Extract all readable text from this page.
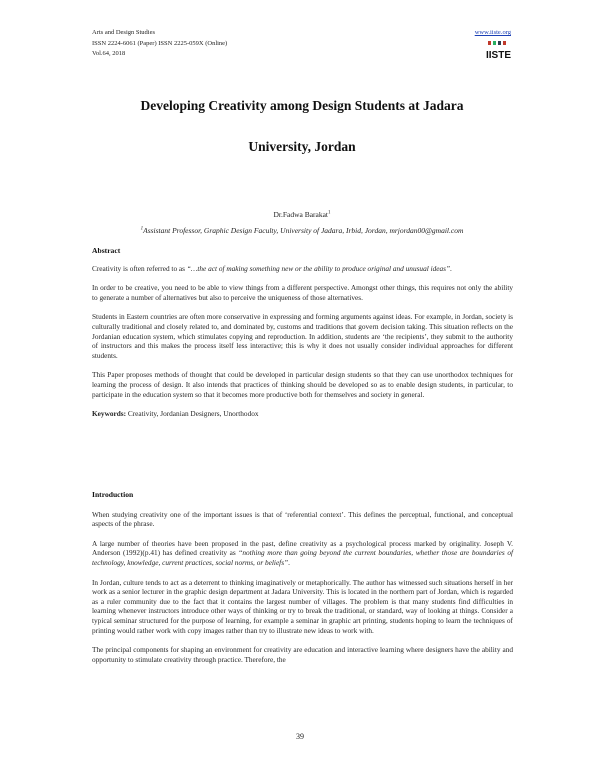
Arts and Design Studies
ISSN 2224-6061 (Paper) ISSN 2225-059X (Online)
Vol.64, 2018
www.iiste.org
IISTE
Developing Creativity among Design Students at Jadara
University, Jordan
Dr.Fadwa Barakat$^1$
$^1$Assistant Professor, Graphic Design Faculty, University of Jadara, Irbid, Jordan, mrjordan00@gmail.com
Abstract

Creativity is often referred to as “…the act of making something new or the ability to produce original and unusual ideas”.

In order to be creative, you need to be able to view things from a different perspective. Amongst other things, this requires not only the ability to generate a number of alternatives but also to perceive the uniqueness of those alternatives.

Students in Eastern countries are often more conservative in expressing and forming arguments against ideas. For example, in Jordan, society is culturally traditional and closely related to, and dominated by, customs and traditions that govern decision taking. This situation reflects on the Jordanian education system, which stimulates copying and reproduction. In addition, students are ‘the recipients’, they submit to the authority of instructors and this makes the process itself less interactive; this is why it does not usually consider individual approaches for different students.

This Paper proposes methods of thought that could be developed in particular design students so that they can use unorthodox techniques for learning the process of design. It also intends that practices of thinking should be developed so as to enable design students, in particular, to participate in the education system so that it becomes more productive both for themselves and society in general.

Keywords: Creativity, Jordanian Designers, Unorthodox

Introduction

When studying creativity one of the important issues is that of ‘referential context’. This defines the perceptual, functional, and conceptual aspects of the phrase.

A large number of theories have been proposed in the past, define creativity as a psychological process marked by originality. Joseph V. Anderson (1992)(p.41) has defined creativity as “nothing more than going beyond the current boundaries, whether those are boundaries of technology, knowledge, current practices, social norms, or beliefs”.

In Jordan, culture tends to act as a deterrent to thinking imaginatively or metaphorically. The author has witnessed such situations herself in her work as a senior lecturer in the graphic design department at Jadara University. This is located in the northern part of Jordan, which is regarded as a ruler community due to the fact that it contains the largest number of villages. The problem is that many students find difficulties in learning whenever instructors introduce other ways of thinking or try to break the traditional, or standard, way of looking at things. Consider a typical seminar structured for the purpose of learning, for example a seminar in graphic art printing, students hoping to learn the techniques of printing would rather work with copy images rather than try to illustrate new ideas to work with.

The principal components for shaping an environment for creativity are education and interactive learning where designers have the ability and opportunity to stimulate creativity through practice. Therefore, the

39
